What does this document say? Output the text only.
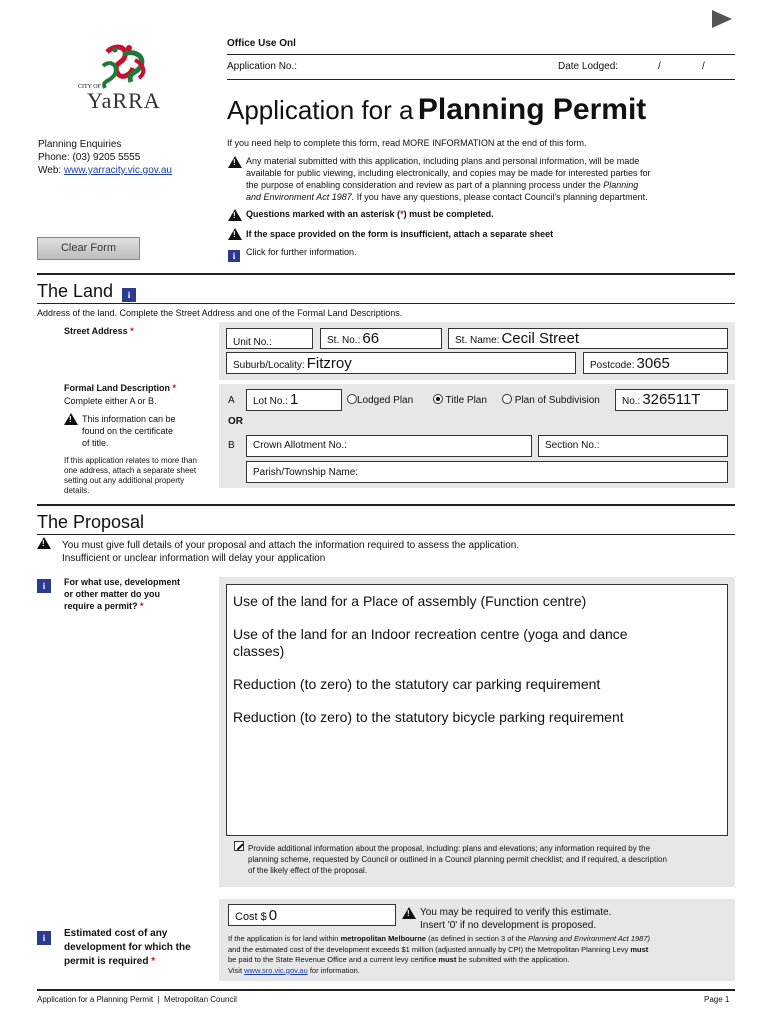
CITY OF
YaRRA
Office Use Onl
Application No.:	Date Lodged:	/	/
Application for a Planning Permit
Planning Enquiries
Phone: (03) 9205 5555
Web: www.yarracity.vic.gov.au
If you need help to complete this form, read MORE INFORMATION at the end of this form.
!
Any material submitted with this application, including plans and personal information, will be made
available for public viewing, including electronically, and copies may be made for interested parties for
the purpose of enabling consideration and review as part of a planning process under the Planning
and Environment Act 1987. If you have any questions, please contact Council's planning department.
!
Questions marked with an asterisk (*) must be completed.
!
If the space provided on the form is insufficient, attach a separate sheet
i	Click for further information.
Clear Form
The Land	i
Address of the land. Complete the Street Address and one of the Formal Land Descriptions.
Street Address *
Unit No.:	St. No.: 66	St. Name: Cecil Street
Suburb/Locality: Fitzroy	Postcode: 3065
Formal Land Description *
Complete either A or B.
!
This information can be
found on the certificate
of title.
If this application relates to more than
one address, attach a separate sheet
setting out any additional property
details.
A	Lot No.: 1	Lodged Plan	Title Plan	Plan of Subdivision	No.: 326511T
OR
B	Crown Allotment No.:	Section No.:
Parish/Township Name:
The Proposal
!
You must give full details of your proposal and attach the information required to assess the application.
Insufficient or unclear information will delay your application
i	For what use, development
or other matter do you
require a permit? *	Use of the land for a Place of assembly (Function centre)
Use of the land for an Indoor recreation centre (yoga and dance
classes)
Reduction (to zero) to the statutory car parking requirement
Reduction (to zero) to the statutory bicycle parking requirement
Provide additional information about the proposal, including: plans and elevations; any information required by the
planning scheme, requested by Council or outlined in a Council planning permit checklist; and if required, a description
of the likely effect of the proposal.
i	Estimated cost of any
development for which the
permit is required *
Cost $ 0
!	You may be required to verify this estimate.
Insert '0' if no development is proposed.
If the application is for land within metropolitan Melbourne (as defined in section 3 of the Planning and Environment Act 1987)
and the estimated cost of the development exceeds $1 million (adjusted annually by CPI) the Metropolitan Planning Levy must
be paid to the State Revenue Office and a current levy certifice must be submitted with the application.
Visit www.sro.vic.gov.au for information.
Application for a Planning Permit  |  Metropolitan Council	Page 1
